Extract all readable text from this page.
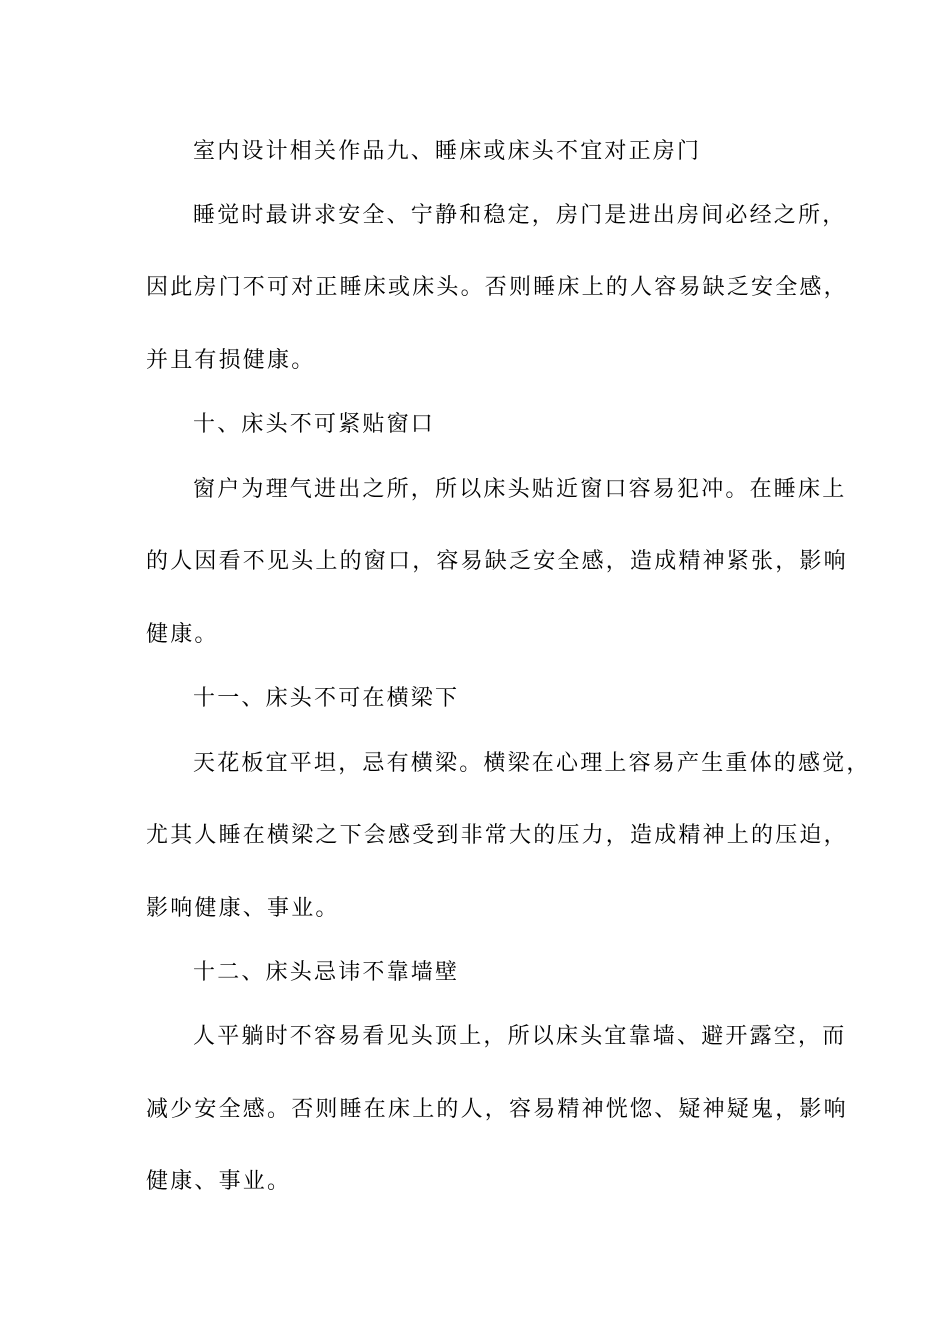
室内设计相关作品九、睡床或床头不宜对正房门
睡觉时最讲求安全、宁静和稳定，房门是进出房间必经之所，
因此房门不可对正睡床或床头。否则睡床上的人容易缺乏安全感，
并且有损健康。
十、床头不可紧贴窗口
窗户为理气进出之所，所以床头贴近窗口容易犯冲。在睡床上
的人因看不见头上的窗口，容易缺乏安全感，造成精神紧张，影响
健康。
十一、床头不可在横梁下
天花板宜平坦，忌有横梁。横梁在心理上容易产生重体的感觉，
尤其人睡在横梁之下会感受到非常大的压力，造成精神上的压迫，
影响健康、事业。
十二、床头忌讳不靠墙壁
人平躺时不容易看见头顶上，所以床头宜靠墙、避开露空，而
减少安全感。否则睡在床上的人，容易精神恍惚、疑神疑鬼，影响
健康、事业。
